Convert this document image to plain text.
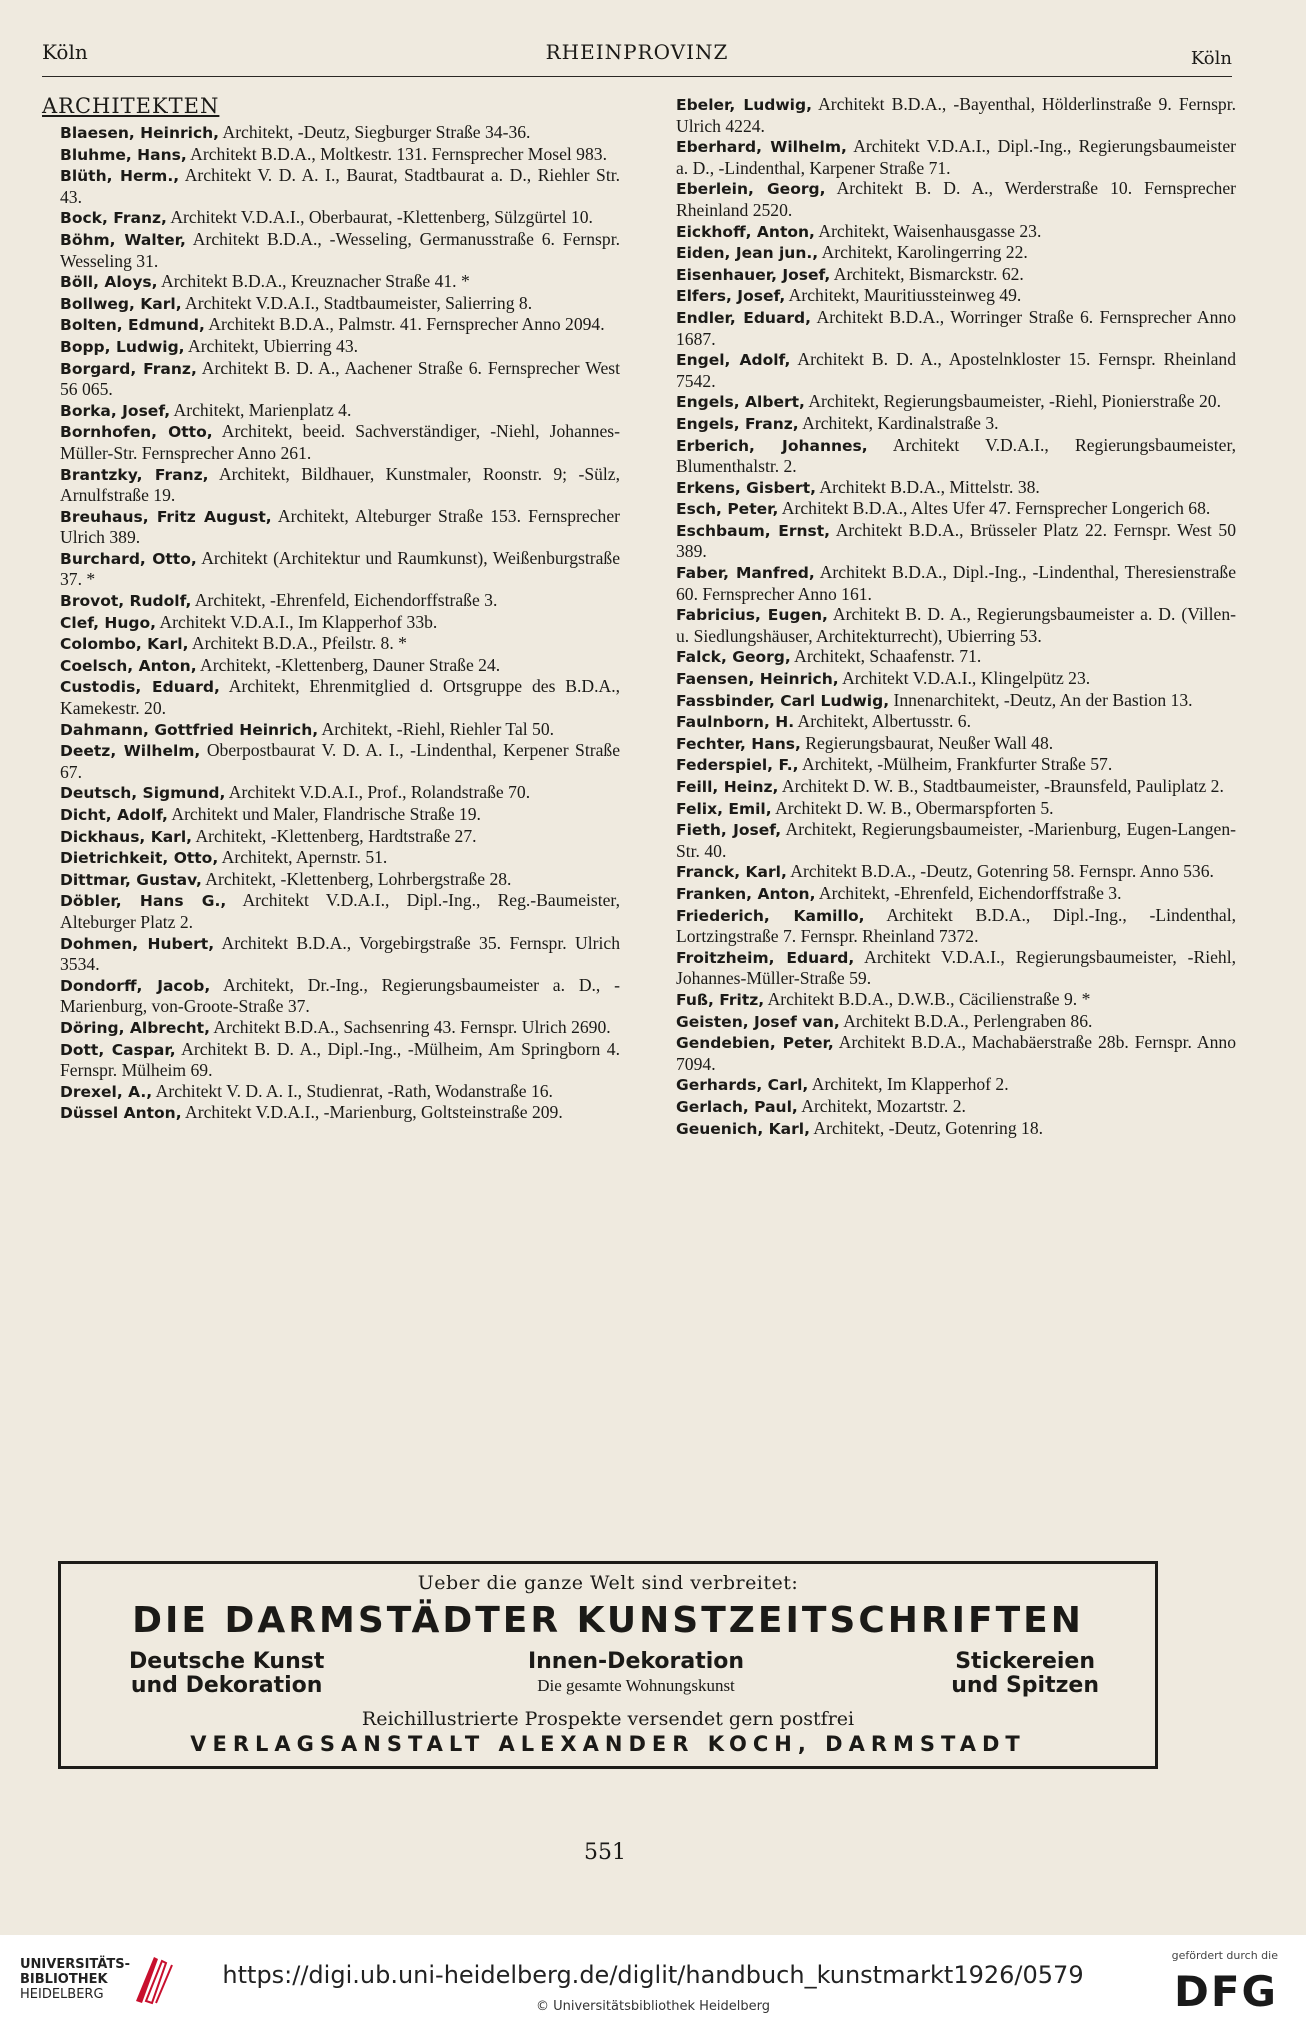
Köln	RHEINPROVINZ	Köln
ARCHITEKTEN

Blaesen, Heinrich, Architekt, -Deutz, Siegburger Straße 34-36.

Bluhme, Hans, Architekt B.D.A., Moltkestr. 131. Fernsprecher Mosel 983.

Blüth, Herm., Architekt V. D. A. I., Baurat, Stadtbaurat a. D., Riehler Str. 43.

Bock, Franz, Architekt V.D.A.I., Oberbaurat, -Klettenberg, Sülzgürtel 10.

Böhm, Walter, Architekt B.D.A., -Wesseling, Germanusstraße 6. Fernspr. Wesseling 31.

Böll, Aloys, Architekt B.D.A., Kreuznacher Straße 41. *

Bollweg, Karl, Architekt V.D.A.I., Stadtbaumeister, Salierring 8.

Bolten, Edmund, Architekt B.D.A., Palmstr. 41. Fernsprecher Anno 2094.

Bopp, Ludwig, Architekt, Ubierring 43.

Borgard, Franz, Architekt B. D. A., Aachener Straße 6. Fernsprecher West 56 065.

Borka, Josef, Architekt, Marienplatz 4.

Bornhofen, Otto, Architekt, beeid. Sachverständiger, -Niehl, Johannes-Müller-Str. Fernsprecher Anno 261.

Brantzky, Franz, Architekt, Bildhauer, Kunstmaler, Roonstr. 9; -Sülz, Arnulfstraße 19.

Breuhaus, Fritz August, Architekt, Alteburger Straße 153. Fernsprecher Ulrich 389.

Burchard, Otto, Architekt (Architektur und Raumkunst), Weißenburgstraße 37. *

Brovot, Rudolf, Architekt, -Ehrenfeld, Eichendorffstraße 3.

Clef, Hugo, Architekt V.D.A.I., Im Klapperhof 33b.

Colombo, Karl, Architekt B.D.A., Pfeilstr. 8. *

Coelsch, Anton, Architekt, -Klettenberg, Dauner Straße 24.

Custodis, Eduard, Architekt, Ehrenmitglied d. Ortsgruppe des B.D.A., Kamekestr. 20.

Dahmann, Gottfried Heinrich, Architekt, -Riehl, Riehler Tal 50.

Deetz, Wilhelm, Oberpostbaurat V. D. A. I., -Lindenthal, Kerpener Straße 67.

Deutsch, Sigmund, Architekt V.D.A.I., Prof., Rolandstraße 70.

Dicht, Adolf, Architekt und Maler, Flandrische Straße 19.

Dickhaus, Karl, Architekt, -Klettenberg, Hardtstraße 27.

Dietrichkeit, Otto, Architekt, Apernstr. 51.

Dittmar, Gustav, Architekt, -Klettenberg, Lohrbergstraße 28.

Döbler, Hans G., Architekt V.D.A.I., Dipl.-Ing., Reg.-Baumeister, Alteburger Platz 2.

Dohmen, Hubert, Architekt B.D.A., Vorgebirgstraße 35. Fernspr. Ulrich 3534.

Dondorff, Jacob, Architekt, Dr.-Ing., Regierungsbaumeister a. D., -Marienburg, von-Groote-Straße 37.

Döring, Albrecht, Architekt B.D.A., Sachsenring 43. Fernspr. Ulrich 2690.

Dott, Caspar, Architekt B. D. A., Dipl.-Ing., -Mülheim, Am Springborn 4. Fernspr. Mülheim 69.

Drexel, A., Architekt V. D. A. I., Studienrat, -Rath, Wodanstraße 16.

Düssel Anton, Architekt V.D.A.I., -Marienburg, Goltsteinstraße 209.

Ebeler, Ludwig, Architekt B.D.A., -Bayenthal, Hölderlinstraße 9. Fernspr. Ulrich 4224.

Eberhard, Wilhelm, Architekt V.D.A.I., Dipl.-Ing., Regierungsbaumeister a. D., -Lindenthal, Karpener Straße 71.

Eberlein, Georg, Architekt B. D. A., Werderstraße 10. Fernsprecher Rheinland 2520.

Eickhoff, Anton, Architekt, Waisenhausgasse 23.

Eiden, Jean jun., Architekt, Karolingerring 22.

Eisenhauer, Josef, Architekt, Bismarckstr. 62.

Elfers, Josef, Architekt, Mauritiussteinweg 49.

Endler, Eduard, Architekt B.D.A., Worringer Straße 6. Fernsprecher Anno 1687.

Engel, Adolf, Architekt B. D. A., Apostelnkloster 15. Fernspr. Rheinland 7542.

Engels, Albert, Architekt, Regierungsbaumeister, -Riehl, Pionierstraße 20.

Engels, Franz, Architekt, Kardinalstraße 3.

Erberich, Johannes, Architekt V.D.A.I., Regierungsbaumeister, Blumenthalstr. 2.

Erkens, Gisbert, Architekt B.D.A., Mittelstr. 38.

Esch, Peter, Architekt B.D.A., Altes Ufer 47. Fernsprecher Longerich 68.

Eschbaum, Ernst, Architekt B.D.A., Brüsseler Platz 22. Fernspr. West 50 389.

Faber, Manfred, Architekt B.D.A., Dipl.-Ing., -Lindenthal, Theresienstraße 60. Fernsprecher Anno 161.

Fabricius, Eugen, Architekt B. D. A., Regierungsbaumeister a. D. (Villen- u. Siedlungshäuser, Architekturrecht), Ubierring 53.

Falck, Georg, Architekt, Schaafenstr. 71.

Faensen, Heinrich, Architekt V.D.A.I., Klingelpütz 23.

Fassbinder, Carl Ludwig, Innenarchitekt, -Deutz, An der Bastion 13.

Faulnborn, H. Architekt, Albertusstr. 6.

Fechter, Hans, Regierungsbaurat, Neußer Wall 48.

Federspiel, F., Architekt, -Mülheim, Frankfurter Straße 57.

Feill, Heinz, Architekt D. W. B., Stadtbaumeister, -Braunsfeld, Pauliplatz 2.

Felix, Emil, Architekt D. W. B., Obermarspforten 5.

Fieth, Josef, Architekt, Regierungsbaumeister, -Marienburg, Eugen-Langen-Str. 40.

Franck, Karl, Architekt B.D.A., -Deutz, Gotenring 58. Fernspr. Anno 536.

Franken, Anton, Architekt, -Ehrenfeld, Eichendorffstraße 3.

Friederich, Kamillo, Architekt B.D.A., Dipl.-Ing., -Lindenthal, Lortzingstraße 7. Fernspr. Rheinland 7372.

Froitzheim, Eduard, Architekt V.D.A.I., Regierungsbaumeister, -Riehl, Johannes-Müller-Straße 59.

Fuß, Fritz, Architekt B.D.A., D.W.B., Cäcilienstraße 9. *

Geisten, Josef van, Architekt B.D.A., Perlengraben 86.

Gendebien, Peter, Architekt B.D.A., Machabäerstraße 28b. Fernspr. Anno 7094.

Gerhards, Carl, Architekt, Im Klapperhof 2.

Gerlach, Paul, Architekt, Mozartstr. 2.

Geuenich, Karl, Architekt, -Deutz, Gotenring 18.

Ueber die ganze Welt sind verbreitet:
DIE DARMSTÄDTER KUNSTZEITSCHRIFTEN
Deutsche Kunst
und Dekoration
Innen-Dekoration
Die gesamte Wohnungskunst
Stickereien
und Spitzen
Reichillustrierte Prospekte versendet gern postfrei
VERLAGSANSTALT ALEXANDER KOCH, DARMSTADT
551
UNIVERSITÄTS-
BIBLIOTHEK
HEIDELBERG
https://digi.ub.uni-heidelberg.de/diglit/handbuch_kunstmarkt1926/0579
© Universitätsbibliothek Heidelberg
gefördert durch die
DFG
